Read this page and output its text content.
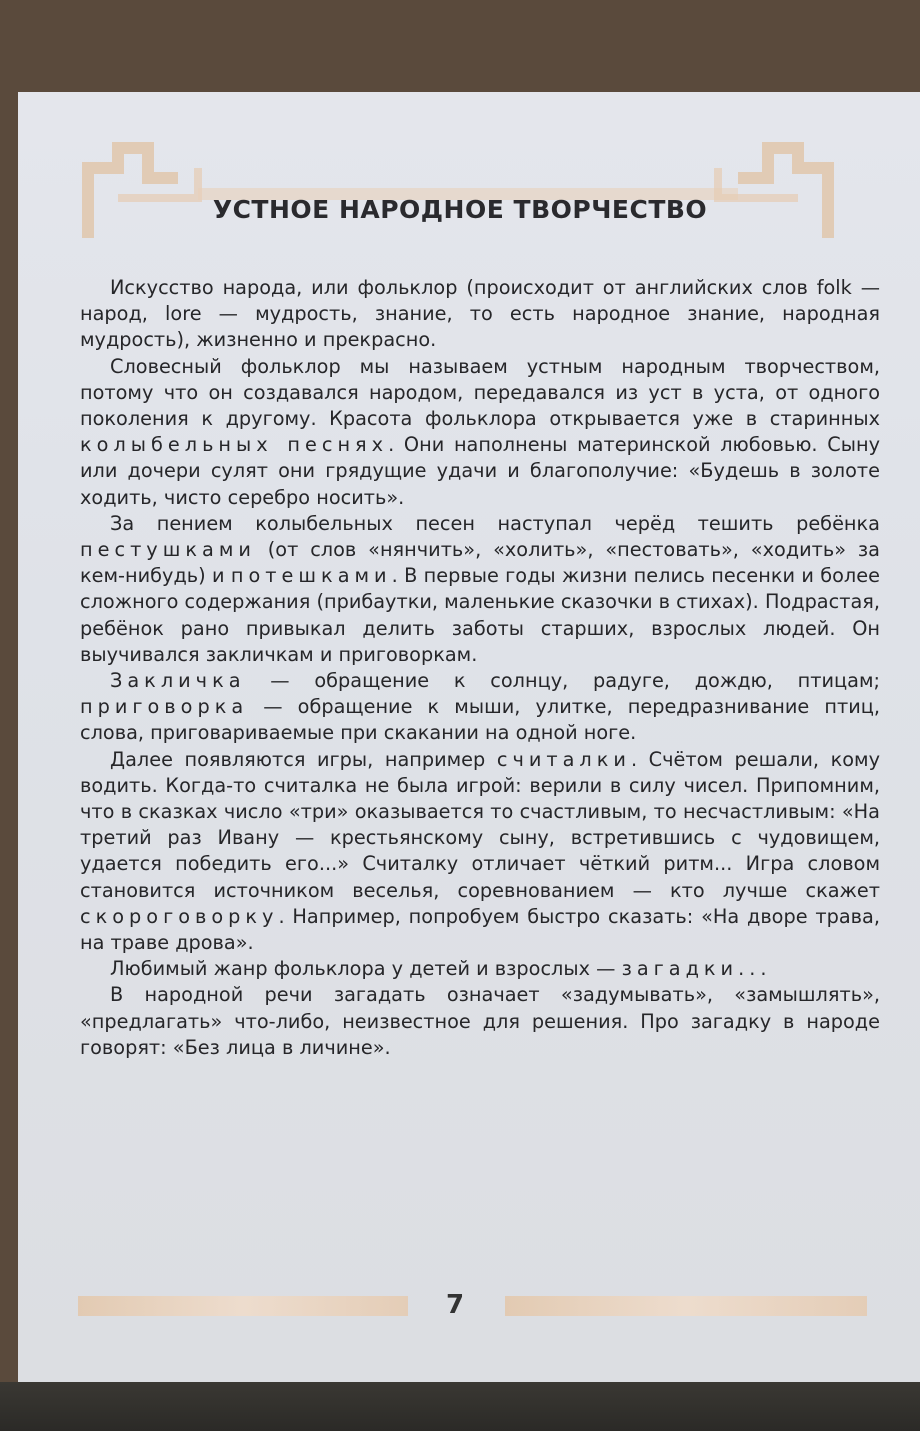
УСТНОЕ НАРОДНОЕ ТВОРЧЕСТВО

Искусство народа, или фольклор (происходит от английских слов folk — народ, lore — мудрость, знание, то есть народное знание, народная мудрость), жизненно и прекрасно.

Словесный фольклор мы называем устным народным творчеством, потому что он создавался народом, передавался из уст в уста, от одного поколения к другому. Красота фольклора открывается уже в старинных колыбельных песнях. Они наполнены материнской любовью. Сыну или дочери сулят они грядущие удачи и благополучие: «Будешь в золоте ходить, чисто серебро носить».

За пением колыбельных песен наступал черёд тешить ребёнка пестушками (от слов «нянчить», «холить», «пестовать», «ходить» за кем-нибудь) и потешками. В первые годы жизни пелись песенки и более сложного содержания (прибаутки, маленькие сказочки в стихах). Подрастая, ребёнок рано привыкал делить заботы старших, взрослых людей. Он выучивался закличкам и приговоркам.

Закличка — обращение к солнцу, радуге, дождю, птицам; приговорка — обращение к мыши, улитке, передразнивание птиц, слова, приговариваемые при скакании на одной ноге.

Далее появляются игры, например считалки. Счётом решали, кому водить. Когда-то считалка не была игрой: верили в силу чисел. Припомним, что в сказках число «три» оказывается то счастливым, то несчастливым: «На третий раз Ивану — крестьянскому сыну, встретившись с чудовищем, удается победить его...» Считалку отличает чёткий ритм... Игра словом становится источником веселья, соревнованием — кто лучше скажет скороговорку. Например, попробуем быстро сказать: «На дворе трава, на траве дрова».

Любимый жанр фольклора у детей и взрослых — загадки...

В народной речи загадать означает «задумывать», «замышлять», «предлагать» что-либо, неизвестное для решения. Про загадку в народе говорят: «Без лица в личине».

7
